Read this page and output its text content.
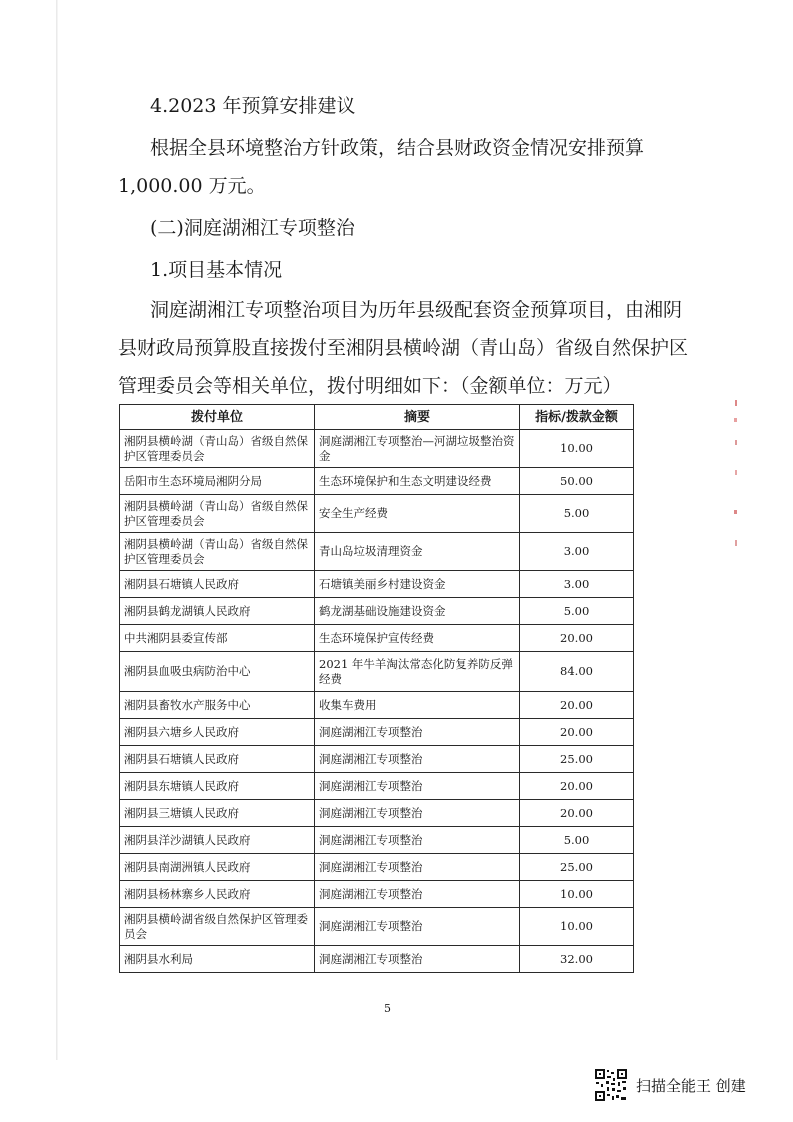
4.2023 年预算安排建议

根据全县环境整治方针政策，结合县财政资金情况安排预算

1,000.00 万元。

(二)洞庭湖湘江专项整治

1.项目基本情况

洞庭湖湘江专项整治项目为历年县级配套资金预算项目，由湘阴

县财政局预算股直接拨付至湘阴县横岭湖（青山岛）省级自然保护区

管理委员会等相关单位，拨付明细如下：（金额单位：万元）

拨付单位	摘要	指标/拨款金额
湘阴县横岭湖（青山岛）省级自然保护区管理委员会	洞庭湖湘江专项整治—河湖垃圾整治资金	10.00
岳阳市生态环境局湘阴分局	生态环境保护和生态文明建设经费	50.00
湘阴县横岭湖（青山岛）省级自然保护区管理委员会	安全生产经费	5.00
湘阴县横岭湖（青山岛）省级自然保护区管理委员会	青山岛垃圾清理资金	3.00
湘阴县石塘镇人民政府	石塘镇美丽乡村建设资金	3.00
湘阴县鹤龙湖镇人民政府	鹤龙湖基础设施建设资金	5.00
中共湘阴县委宣传部	生态环境保护宣传经费	20.00
湘阴县血吸虫病防治中心	2021 年牛羊淘汰常态化防复养防反弹经费	84.00
湘阴县畜牧水产服务中心	收集车费用	20.00
湘阴县六塘乡人民政府	洞庭湖湘江专项整治	20.00
湘阴县石塘镇人民政府	洞庭湖湘江专项整治	25.00
湘阴县东塘镇人民政府	洞庭湖湘江专项整治	20.00
湘阴县三塘镇人民政府	洞庭湖湘江专项整治	20.00
湘阴县洋沙湖镇人民政府	洞庭湖湘江专项整治	5.00
湘阴县南湖洲镇人民政府	洞庭湖湘江专项整治	25.00
湘阴县杨林寨乡人民政府	洞庭湖湘江专项整治	10.00
湘阴县横岭湖省级自然保护区管理委员会	洞庭湖湘江专项整治	10.00
湘阴县水利局	洞庭湖湘江专项整治	32.00
5
扫描全能王 创建
